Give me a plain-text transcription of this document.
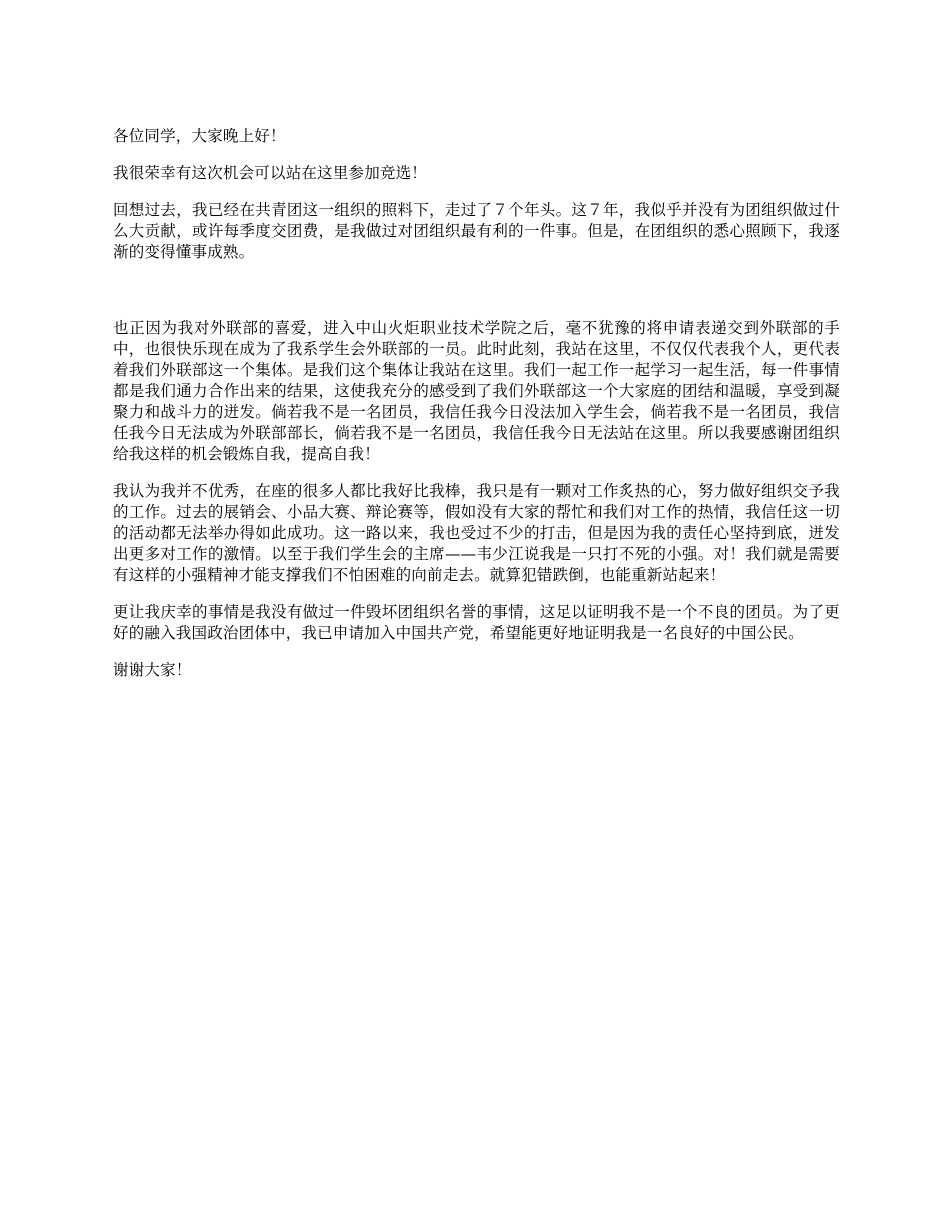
各位同学，大家晚上好！

我很荣幸有这次机会可以站在这里参加竞选！

回想过去，我已经在共青团这一组织的照料下，走过了７个年头。这７年，我似乎并没有为团组织做过什么大贡献，或许每季度交团费，是我做过对团组织最有利的一件事。但是，在团组织的悉心照顾下，我逐渐的变得懂事成熟。

也正因为我对外联部的喜爱，进入中山火炬职业技术学院之后，毫不犹豫的将申请表递交到外联部的手中，也很快乐现在成为了我系学生会外联部的一员。此时此刻，我站在这里，不仅仅代表我个人，更代表着我们外联部这一个集体。是我们这个集体让我站在这里。我们一起工作一起学习一起生活，每一件事情都是我们通力合作出来的结果，这使我充分的感受到了我们外联部这一个大家庭的团结和温暖，享受到凝聚力和战斗力的迸发。倘若我不是一名团员，我信任我今日没法加入学生会，倘若我不是一名团员，我信任我今日无法成为外联部部长，倘若我不是一名团员，我信任我今日无法站在这里。所以我要感谢团组织给我这样的机会锻炼自我，提高自我！

我认为我并不优秀，在座的很多人都比我好比我棒，我只是有一颗对工作炙热的心，努力做好组织交予我的工作。过去的展销会、小品大赛、辩论赛等，假如没有大家的帮忙和我们对工作的热情，我信任这一切的活动都无法举办得如此成功。这一路以来，我也受过不少的打击，但是因为我的责任心坚持到底，迸发出更多对工作的激情。以至于我们学生会的主席——韦少江说我是一只打不死的小强。对！我们就是需要有这样的小强精神才能支撑我们不怕困难的向前走去。就算犯错跌倒，也能重新站起来！

更让我庆幸的事情是我没有做过一件毁坏团组织名誉的事情，这足以证明我不是一个不良的团员。为了更好的融入我国政治团体中，我已申请加入中国共产党，希望能更好地证明我是一名良好的中国公民。

谢谢大家！
